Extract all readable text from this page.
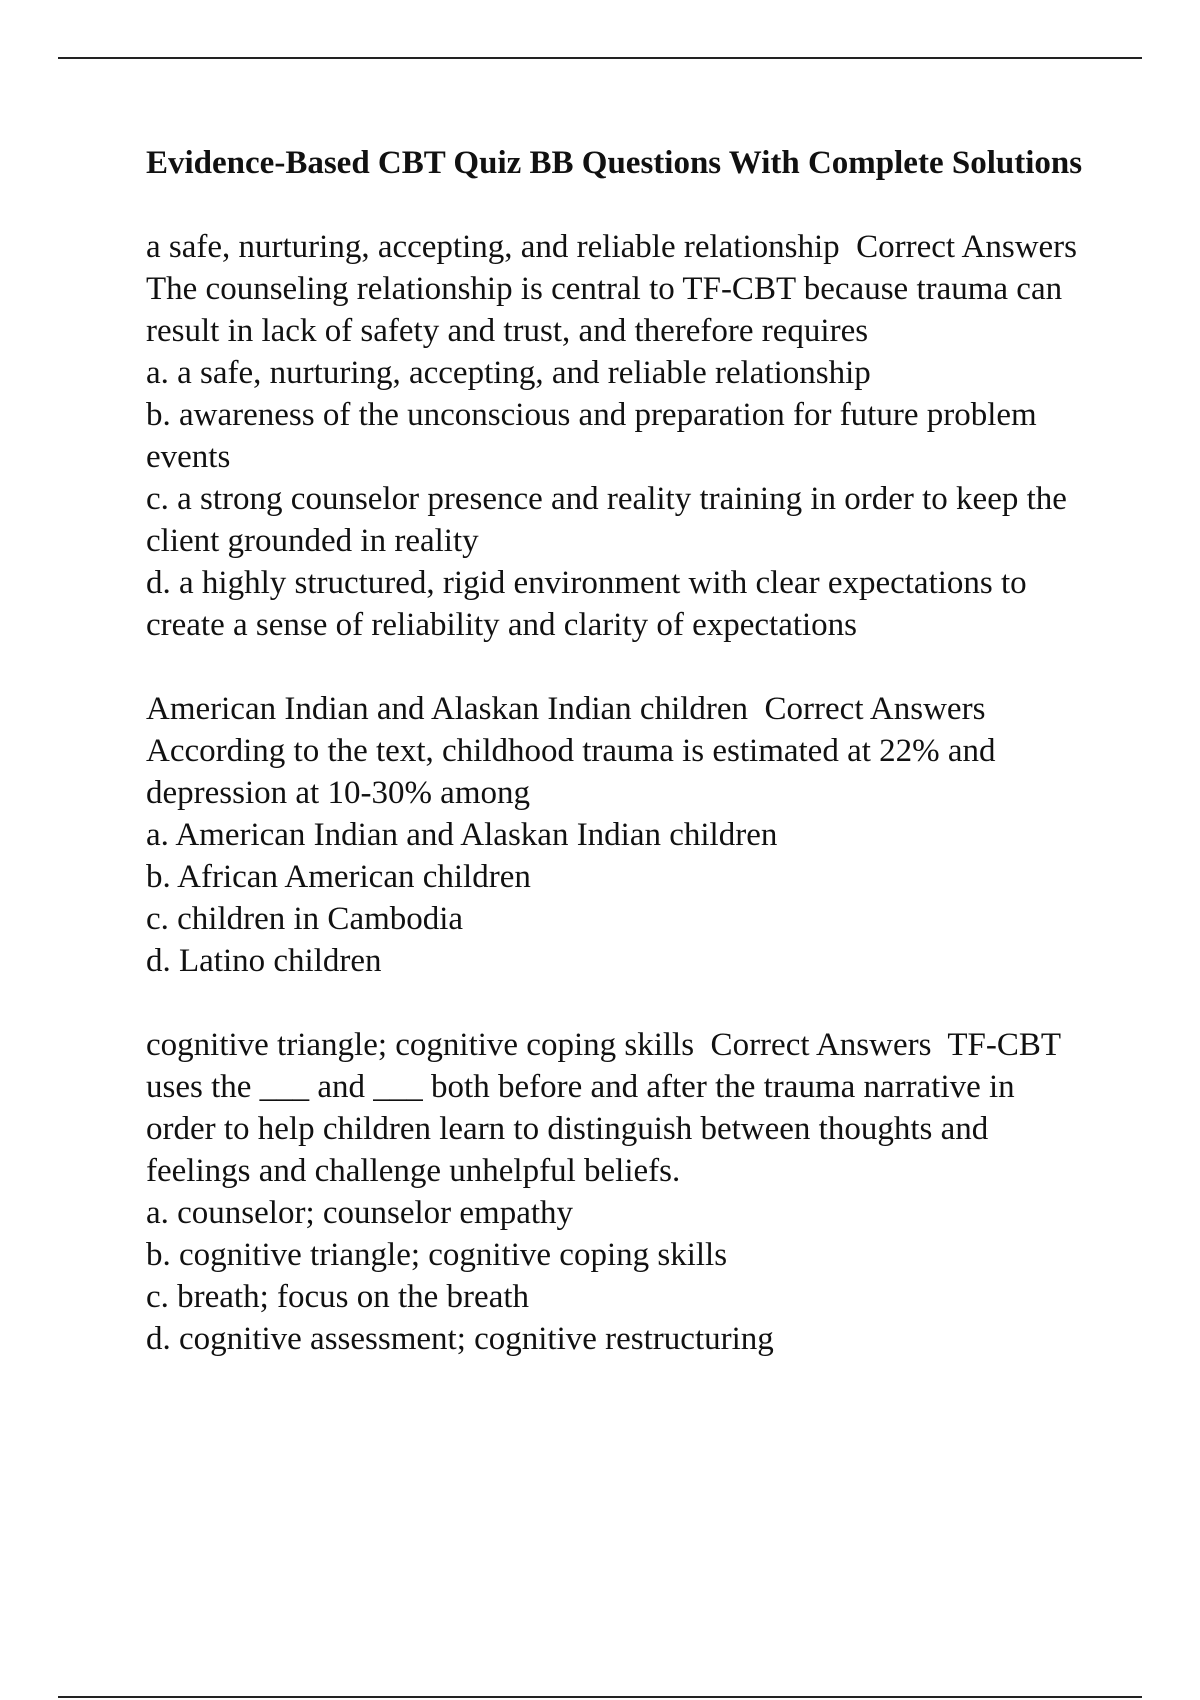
Evidence-Based CBT Quiz BB Questions With Complete Solutions

a safe, nurturing, accepting, and reliable relationship  Correct Answers  The counseling relationship is central to TF-CBT because trauma can result in lack of safety and trust, and therefore requires

a. a safe, nurturing, accepting, and reliable relationship

b. awareness of the unconscious and preparation for future problem events

c. a strong counselor presence and reality training in order to keep the client grounded in reality

d. a highly structured, rigid environment with clear expectations to create a sense of reliability and clarity of expectations

American Indian and Alaskan Indian children  Correct Answers  According to the text, childhood trauma is estimated at 22% and depression at 10-30% among

a. American Indian and Alaskan Indian children

b. African American children

c. children in Cambodia

d. Latino children

cognitive triangle; cognitive coping skills  Correct Answers  TF-CBT uses the ___ and ___ both before and after the trauma narrative in order to help children learn to distinguish between thoughts and feelings and challenge unhelpful beliefs.

a. counselor; counselor empathy

b. cognitive triangle; cognitive coping skills

c. breath; focus on the breath

d. cognitive assessment; cognitive restructuring
